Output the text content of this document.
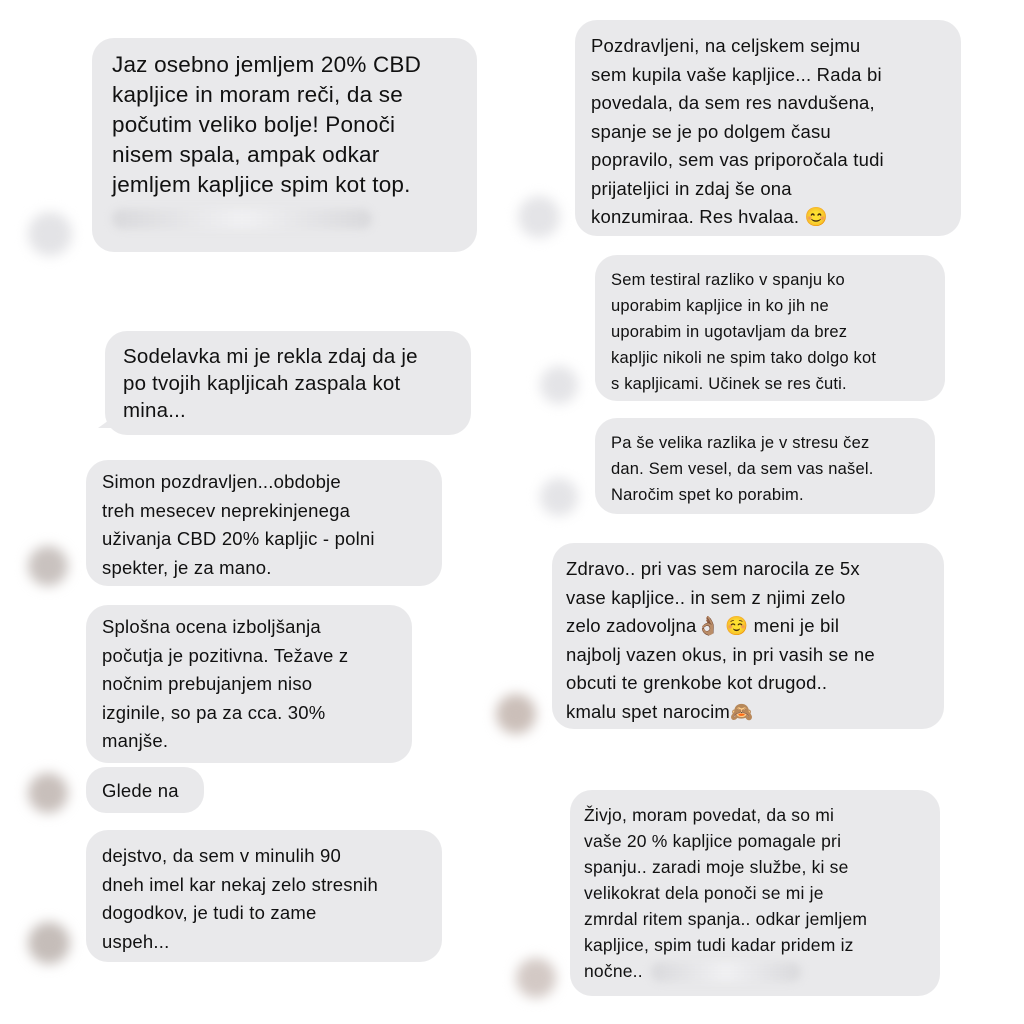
Jaz osebno jemljem 20% CBD
kapljice in moram reči, da se
počutim veliko bolje! Ponoči
nisem spala, ampak odkar
jemljem kapljice spim kot top.
Sodelavka mi je rekla zdaj da je
po tvojih kapljicah zaspala kot
mina...
Simon pozdravljen...obdobje
treh mesecev neprekinjenega
uživanja CBD 20% kapljic - polni
spekter, je za mano.
Splošna ocena izboljšanja
počutja je pozitivna. Težave z
nočnim prebujanjem niso
izginile, so pa za cca. 30%
manjše.
Glede na
dejstvo, da sem v minulih 90
dneh imel kar nekaj zelo stresnih
dogodkov, je tudi to zame
uspeh...
Pozdravljeni, na celjskem sejmu
sem kupila vaše kapljice... Rada bi
povedala, da sem res navdušena,
spanje se je po dolgem času
popravilo, sem vas priporočala tudi
prijateljici in zdaj še ona
konzumiraa. Res hvalaa. 😊
Sem testiral razliko v spanju ko
uporabim kapljice in ko jih ne
uporabim in ugotavljam da brez
kapljic nikoli ne spim tako dolgo kot
s kapljicami. Učinek se res čuti.
Pa še velika razlika je v stresu čez
dan. Sem vesel, da sem vas našel.
Naročim spet ko porabim.
Zdravo.. pri vas sem narocila ze 5x
vase kapljice.. in sem z njimi zelo
zelo zadovoljna👌🏽 ☺️ meni je bil
najbolj vazen okus, in pri vasih se ne
obcuti te grenkobe kot drugod..
kmalu spet narocim🙈
Živjo, moram povedat, da so mi
vaše 20 % kapljice pomagale pri
spanju.. zaradi moje službe, ki se
velikokrat dela ponoči se mi je
zmrdal ritem spanja.. odkar jemljem
kapljice, spim tudi kadar pridem iz
nočne..
